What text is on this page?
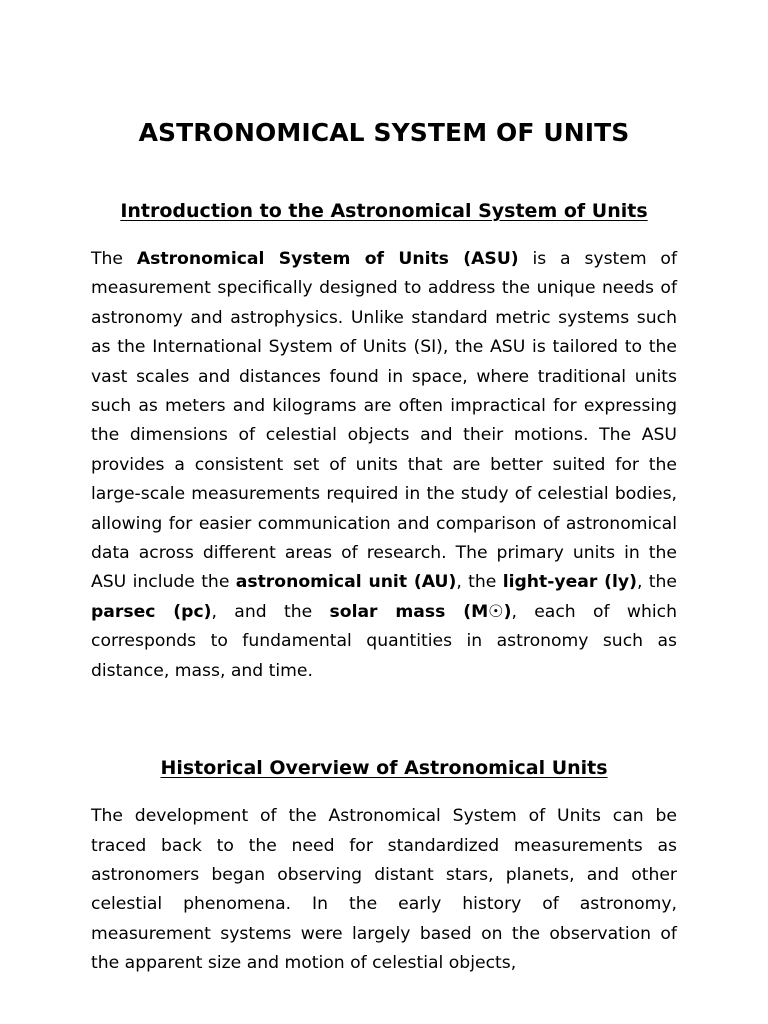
ASTRONOMICAL SYSTEM OF UNITS
Introduction to the Astronomical System of Units

The Astronomical System of Units (ASU) is a system of measurement specifically designed to address the unique needs of astronomy and astrophysics. Unlike standard metric systems such as the International System of Units (SI), the ASU is tailored to the vast scales and distances found in space, where traditional units such as meters and kilograms are often impractical for expressing the dimensions of celestial objects and their motions. The ASU provides a consistent set of units that are better suited for the large-scale measurements required in the study of celestial bodies, allowing for easier communication and comparison of astronomical data across different areas of research. The primary units in the ASU include the astronomical unit (AU), the light-year (ly), the parsec (pc), and the solar mass (M☉), each of which corresponds to fundamental quantities in astronomy such as distance, mass, and time.

Historical Overview of Astronomical Units

The development of the Astronomical System of Units can be traced back to the need for standardized measurements as astronomers began observing distant stars, planets, and other celestial phenomena. In the early history of astronomy, measurement systems were largely based on the observation of the apparent size and motion of celestial objects,
